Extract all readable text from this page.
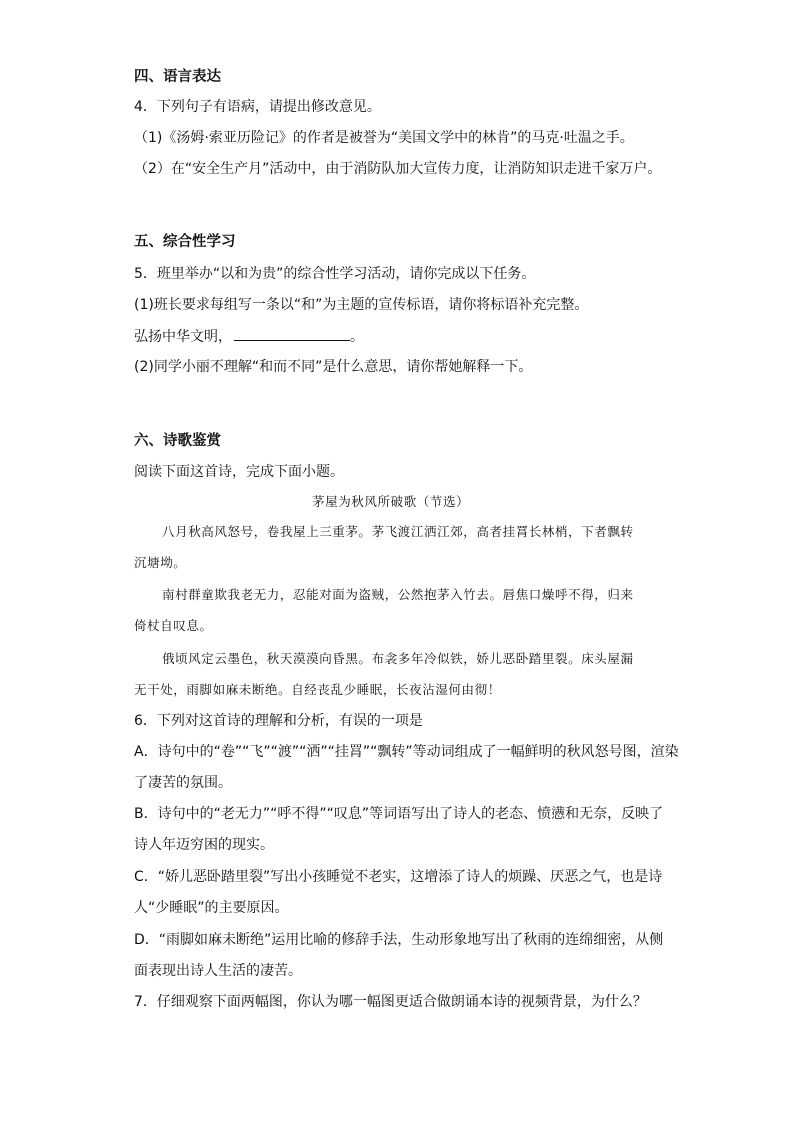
四、语言表达
4．下列句子有语病，请提出修改意见。
（1)《汤姆·索亚历险记》的作者是被誉为“美国文学中的林肯”的马克·吐温之手。
（2）在“安全生产月”活动中，由于消防队加大宣传力度，让消防知识走进千家万户。
五、综合性学习
5．班里举办“以和为贵”的综合性学习活动，请你完成以下任务。
(1)班长要求每组写一条以“和”为主题的宣传标语，请你将标语补充完整。
弘扬中华文明，	。
(2)同学小丽不理解“和而不同”是什么意思，请你帮她解释一下。
六、诗歌鉴赏
阅读下面这首诗，完成下面小题。
茅屋为秋风所破歌（节选）
八月秋高风怒号，卷我屋上三重茅。茅飞渡江洒江郊，高者挂罥长林梢，下者飘转
沉塘坳。
南村群童欺我老无力，忍能对面为盗贼，公然抱茅入竹去。唇焦口燥呼不得，归来
倚杖自叹息。
俄顷风定云墨色，秋天漠漠向昏黑。布衾多年冷似铁，娇儿恶卧踏里裂。床头屋漏
无干处，雨脚如麻未断绝。自经丧乱少睡眠，长夜沾湿何由彻！
6．下列对这首诗的理解和分析，有误的一项是
A．诗句中的“卷”“飞”“渡”“洒”“挂罥”“飘转”等动词组成了一幅鲜明的秋风怒号图，渲染
了凄苦的氛围。
B．诗句中的“老无力”“呼不得”“叹息”等词语写出了诗人的老态、愤懑和无奈，反映了
诗人年迈穷困的现实。
C．“娇儿恶卧踏里裂”写出小孩睡觉不老实，这增添了诗人的烦躁、厌恶之气，也是诗
人“少睡眠”的主要原因。
D．“雨脚如麻未断绝”运用比喻的修辞手法，生动形象地写出了秋雨的连绵细密，从侧
面表现出诗人生活的凄苦。
7．仔细观察下面两幅图，你认为哪一幅图更适合做朗诵本诗的视频背景，为什么？
